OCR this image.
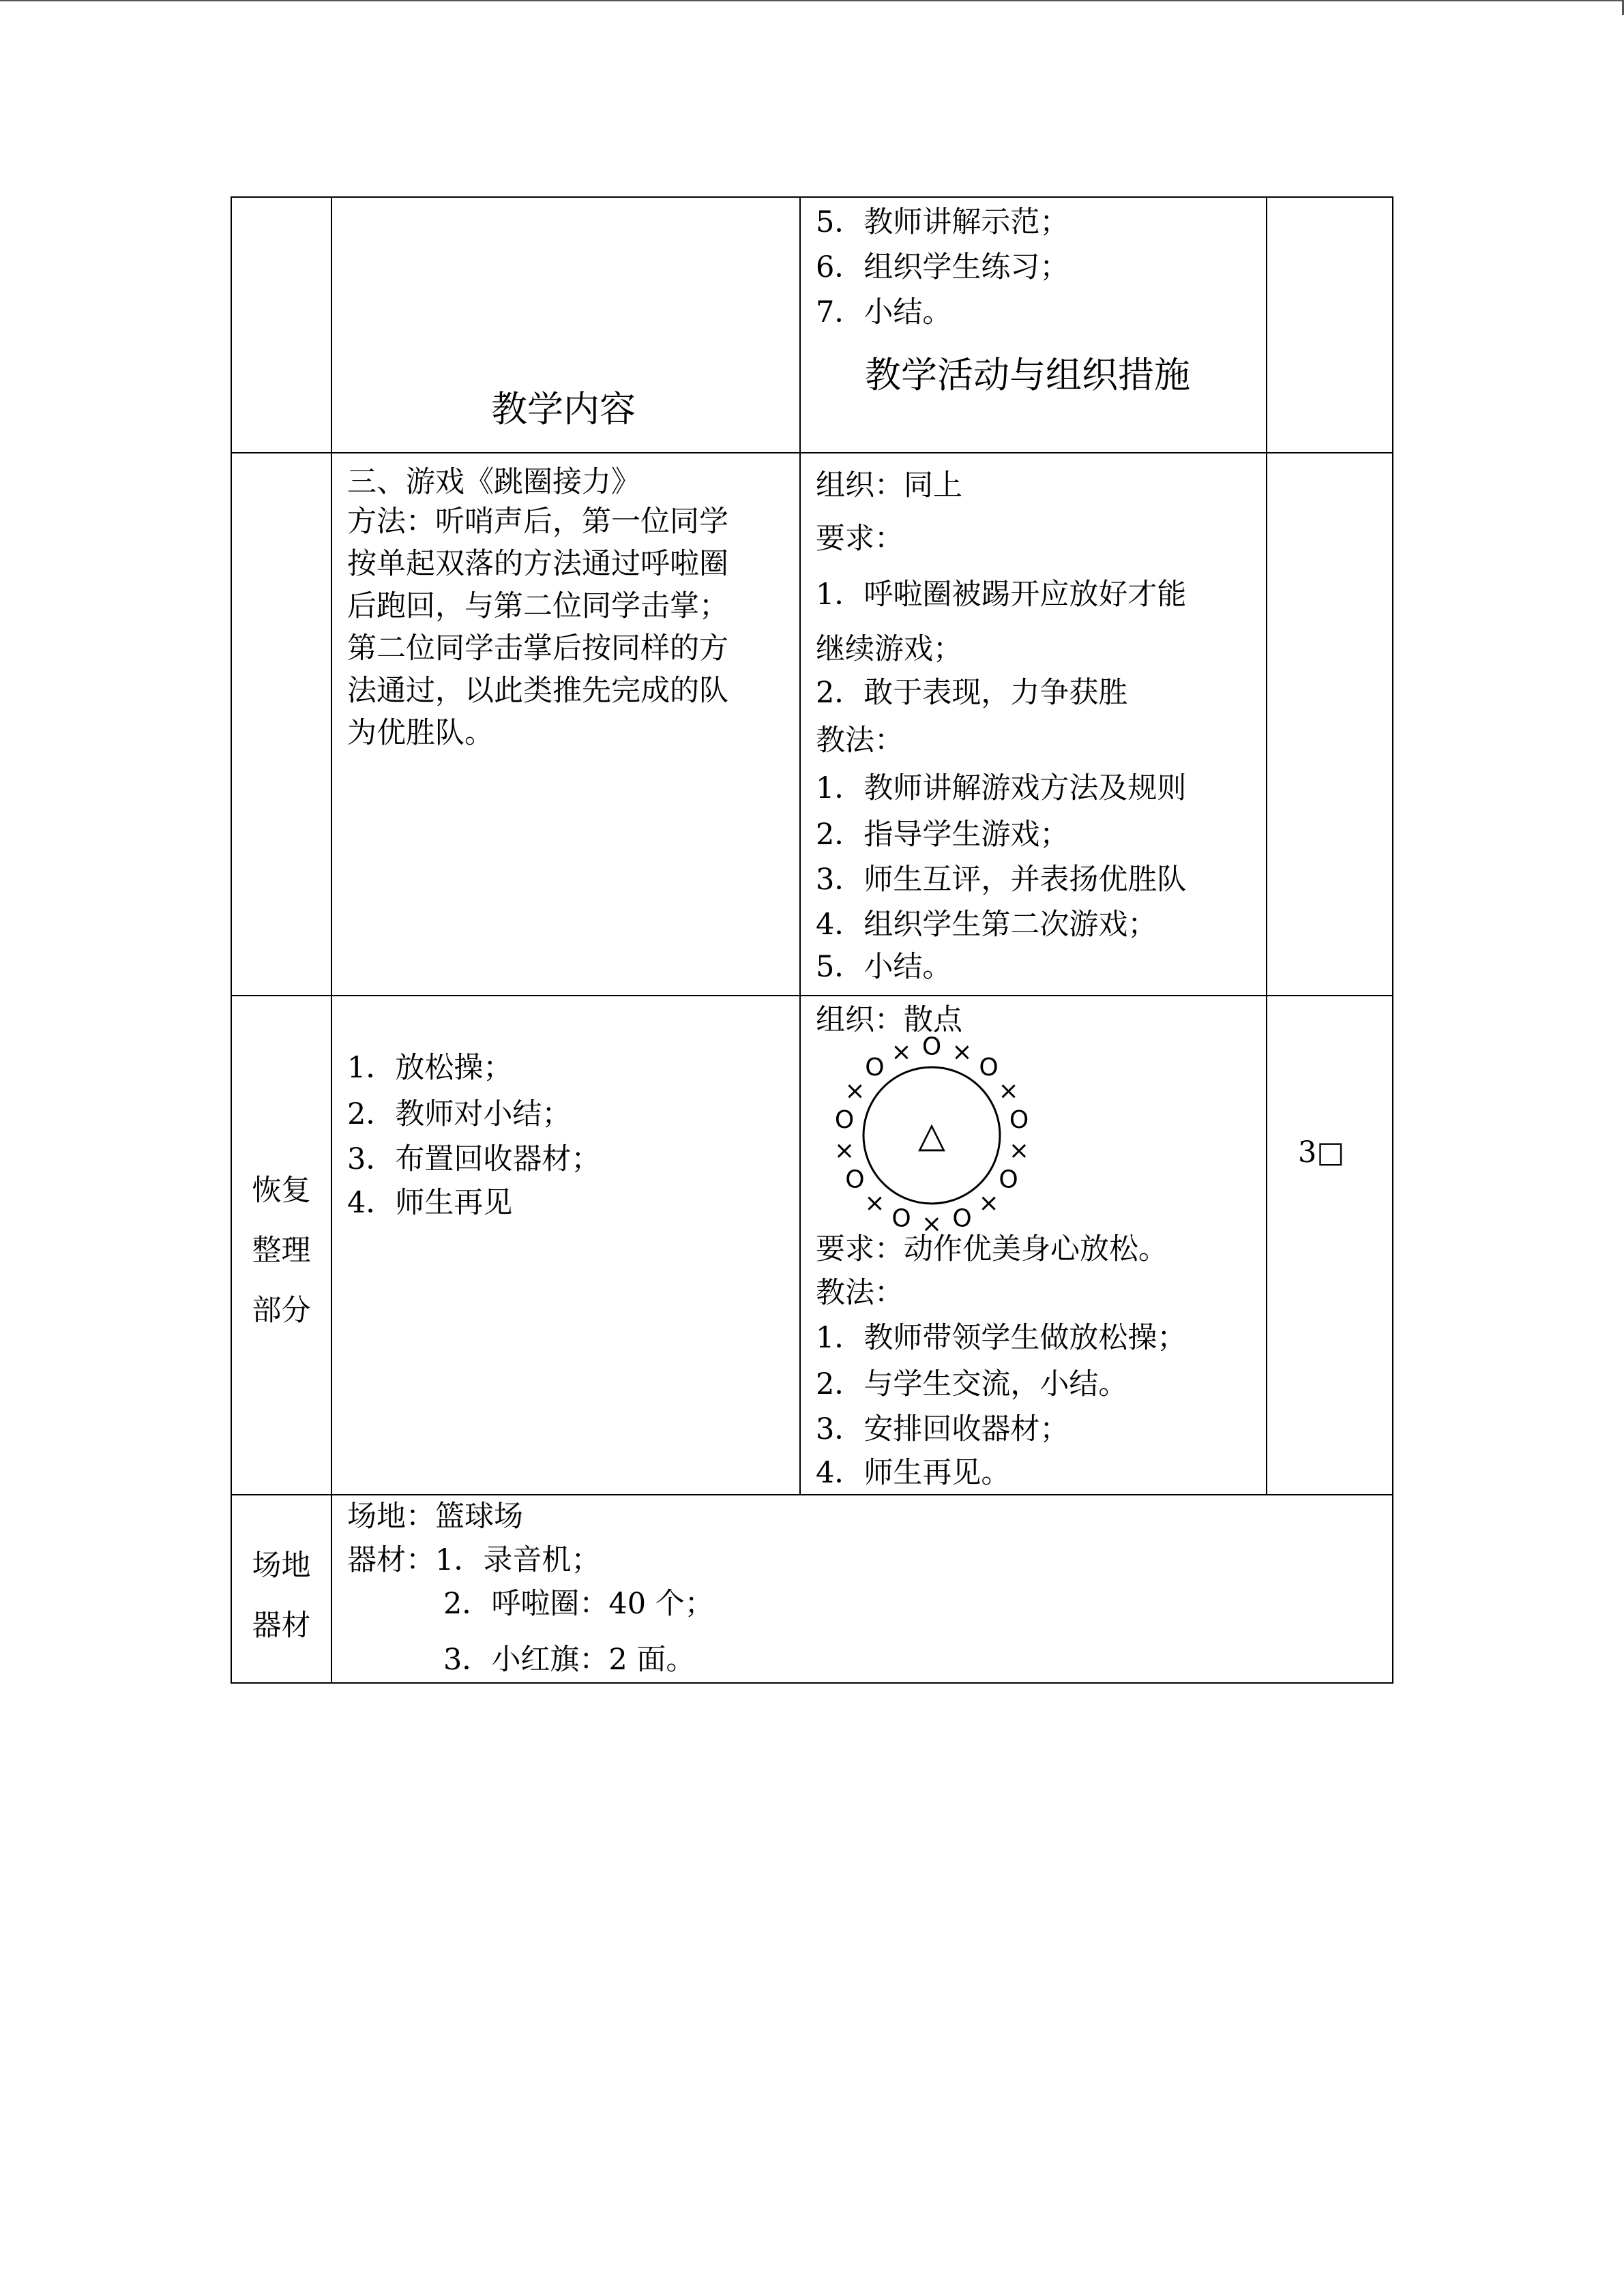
5．教师讲解示范；
6．组织学生练习；
7．小结。
教学内容
教学活动与组织措施
三、游戏《跳圈接力》
方法：听哨声后，第一位同学
按单起双落的方法通过呼啦圈
后跑回，与第二位同学击掌；
第二位同学击掌后按同样的方
法通过，以此类推先完成的队
为优胜队。
组织：同上
要求：
1．呼啦圈被踢开应放好才能
继续游戏；
2．敢于表现，力争获胜
教法：
1．教师讲解游戏方法及规则
2．指导学生游戏；
3．师生互评，并表扬优胜队
4．组织学生第二次游戏；
5．小结。
恢复
整理
部分
1．放松操；
2．教师对小结；
3．布置回收器材；
4．师生再见
组织：散点
△
O ×
O
×
O
×
O
×
O
×
O
×
O
×
O
×
O
×
要求：动作优美身心放松。
教法：
1．教师带领学生做放松操；
2．与学生交流，小结。
3．安排回收器材；
4．师生再见。
3□
场地
器材
场地：篮球场
器材：1．录音机；
2．呼啦圈：40 个；
3．小红旗：2 面。
